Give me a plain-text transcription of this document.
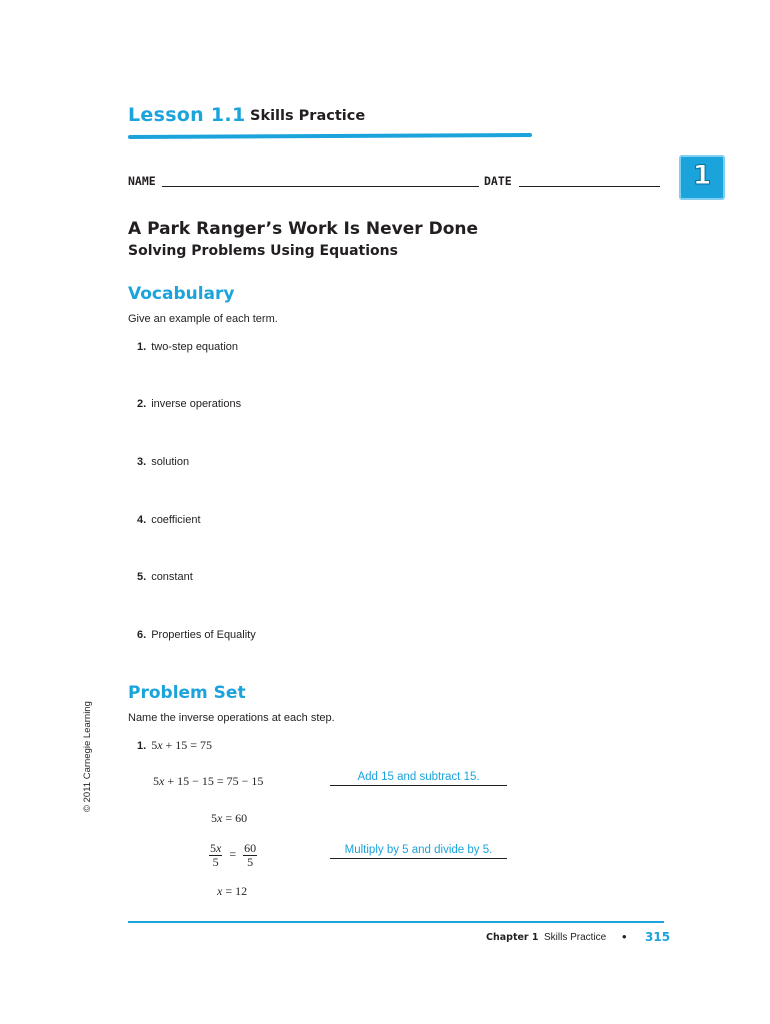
Lesson 1.1 Skills Practice
NAME	DATE	1
A Park Ranger’s Work Is Never Done
Solving Problems Using Equations
Vocabulary
Give an example of each term.
1. two-step equation
2. inverse operations
3. solution
4. coefficient
5. constant
6. Properties of Equality
Problem Set
Name the inverse operations at each step.
1. 5x + 15 = 75
5x + 15 − 15 = 75 − 15	Add 15 and subtract 15.
5x = 60
$\frac{5x}{5} = \frac{60}{5}$	Multiply by 5 and divide by 5.
x = 12
© 2011 Carnegie Learning
Chapter 1 Skills Practice • 315
